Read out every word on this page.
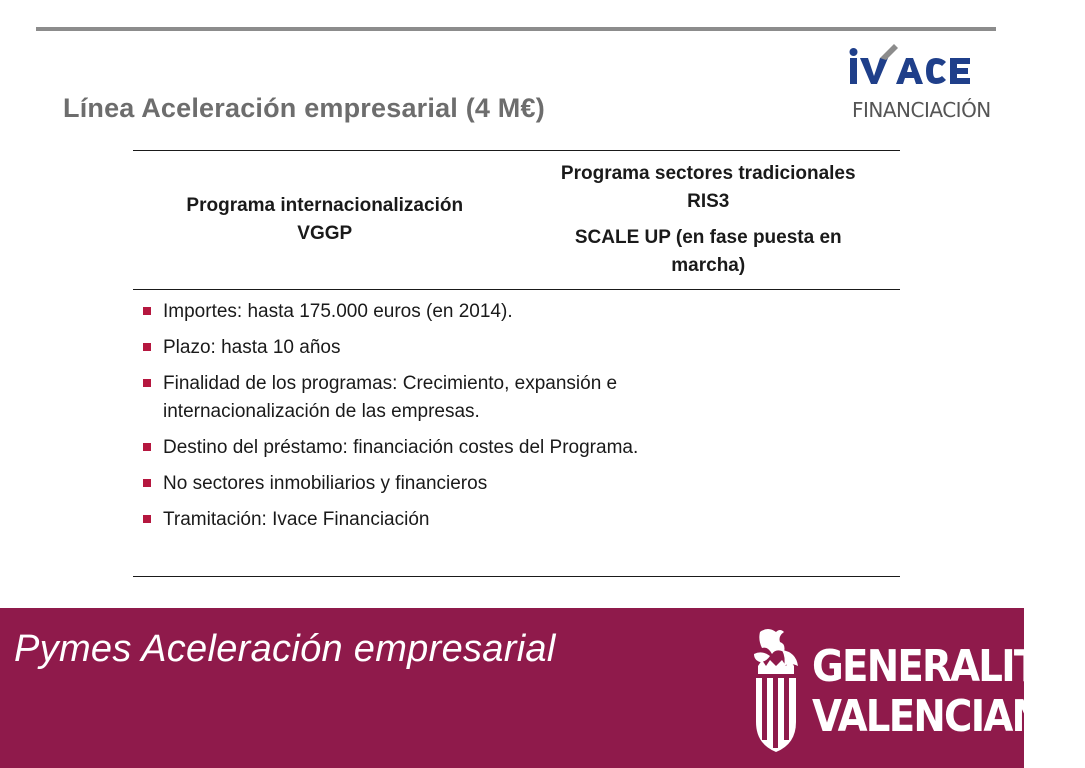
Línea Aceleración empresarial (4 M€)	FINANCIACIÓN
Programa internacionalización
VGGP
Programa sectores tradicionales
RIS3
SCALE UP (en fase puesta en
marcha)
Importes: hasta 175.000 euros (en 2014).
Plazo: hasta 10 años
Finalidad de los programas: Crecimiento, expansión e internacionalización de las empresas.
Destino del préstamo: financiación costes del Programa.
No sectores inmobiliarios y financieros
Tramitación: Ivace Financiación
Pymes Aceleración empresarial	GENERALITAT
VALENCIANA
